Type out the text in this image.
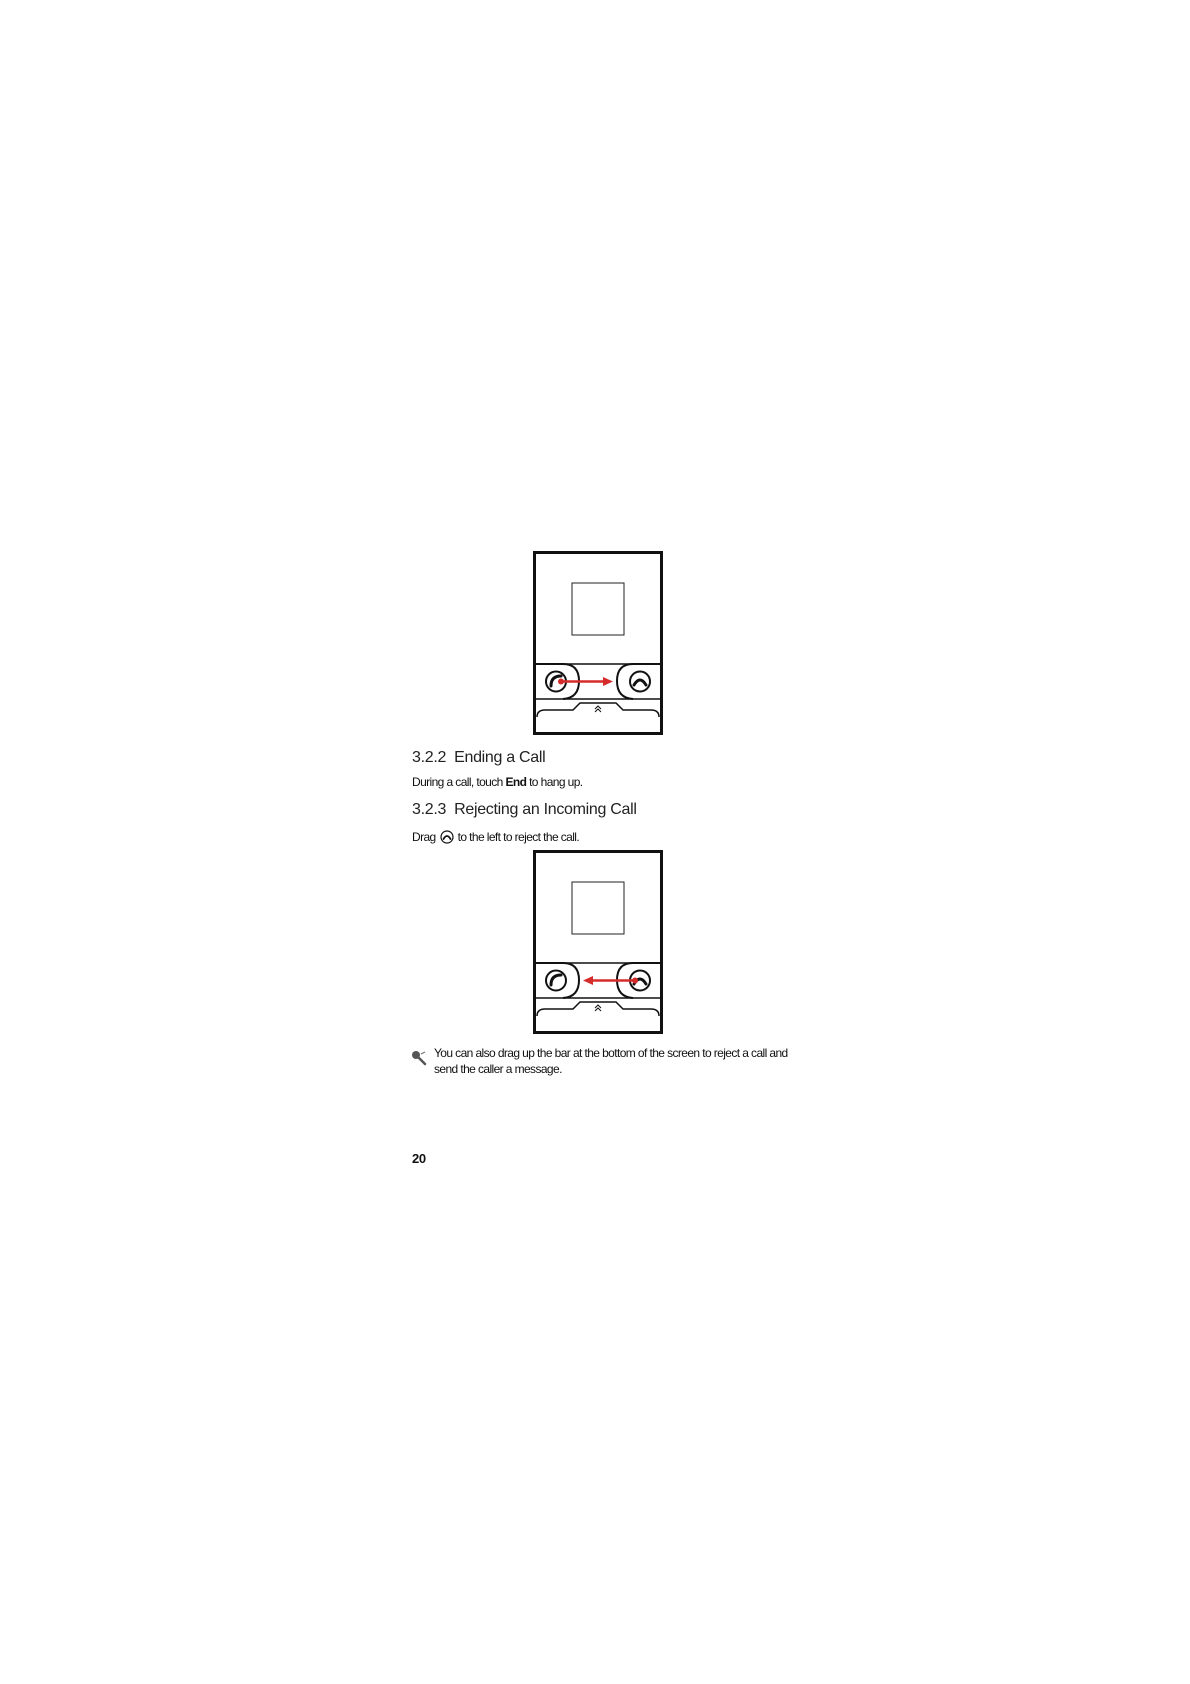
3.2.2 Ending a Call
During a call, touch End to hang up.
3.2.3 Rejecting an Incoming Call
Drag to the left to reject the call.
You can also drag up the bar at the bottom of the screen to reject a call and send the caller a message.
20
